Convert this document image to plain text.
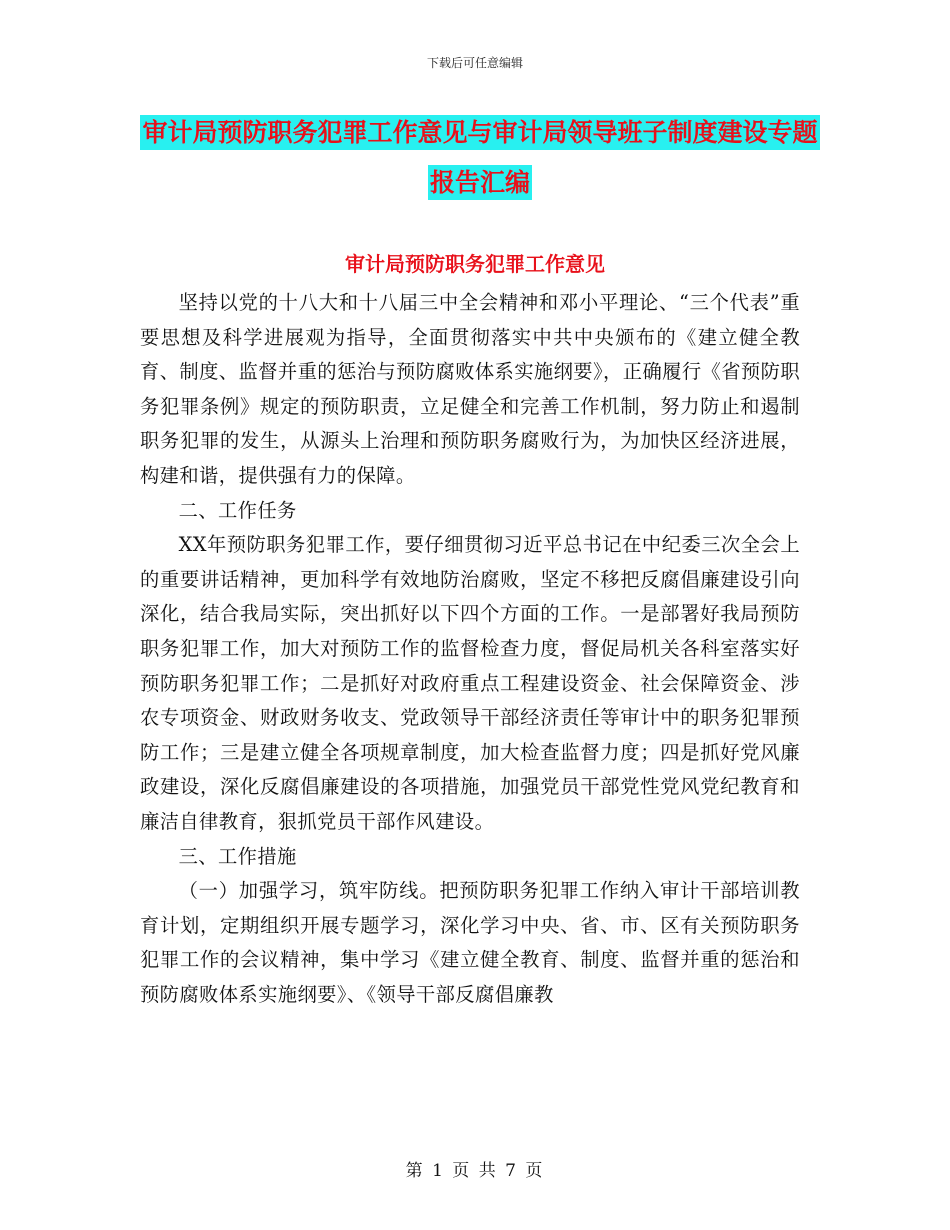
下载后可任意编辑
审计局预防职务犯罪工作意见与审计局领导班子制度建设专题报告汇编
审计局预防职务犯罪工作意见

坚持以党的十八大和十八届三中全会精神和邓小平理论、“三个代表”重要思想及科学进展观为指导，全面贯彻落实中共中央颁布的《建立健全教育、制度、监督并重的惩治与预防腐败体系实施纲要》，正确履行《省预防职务犯罪条例》规定的预防职责，立足健全和完善工作机制，努力防止和遏制职务犯罪的发生，从源头上治理和预防职务腐败行为，为加快区经济进展，构建和谐，提供强有力的保障。

二、工作任务

XX年预防职务犯罪工作，要仔细贯彻习近平总书记在中纪委三次全会上的重要讲话精神，更加科学有效地防治腐败，坚定不移把反腐倡廉建设引向深化，结合我局实际，突出抓好以下四个方面的工作。一是部署好我局预防职务犯罪工作，加大对预防工作的监督检查力度，督促局机关各科室落实好预防职务犯罪工作；二是抓好对政府重点工程建设资金、社会保障资金、涉农专项资金、财政财务收支、党政领导干部经济责任等审计中的职务犯罪预防工作；三是建立健全各项规章制度，加大检查监督力度；四是抓好党风廉政建设，深化反腐倡廉建设的各项措施，加强党员干部党性党风党纪教育和廉洁自律教育，狠抓党员干部作风建设。

三、工作措施

（一）加强学习，筑牢防线。把预防职务犯罪工作纳入审计干部培训教育计划，定期组织开展专题学习，深化学习中央、省、市、区有关预防职务犯罪工作的会议精神，集中学习《建立健全教育、制度、监督并重的惩治和预防腐败体系实施纲要》、《领导干部反腐倡廉教

第 1 页 共 7 页
